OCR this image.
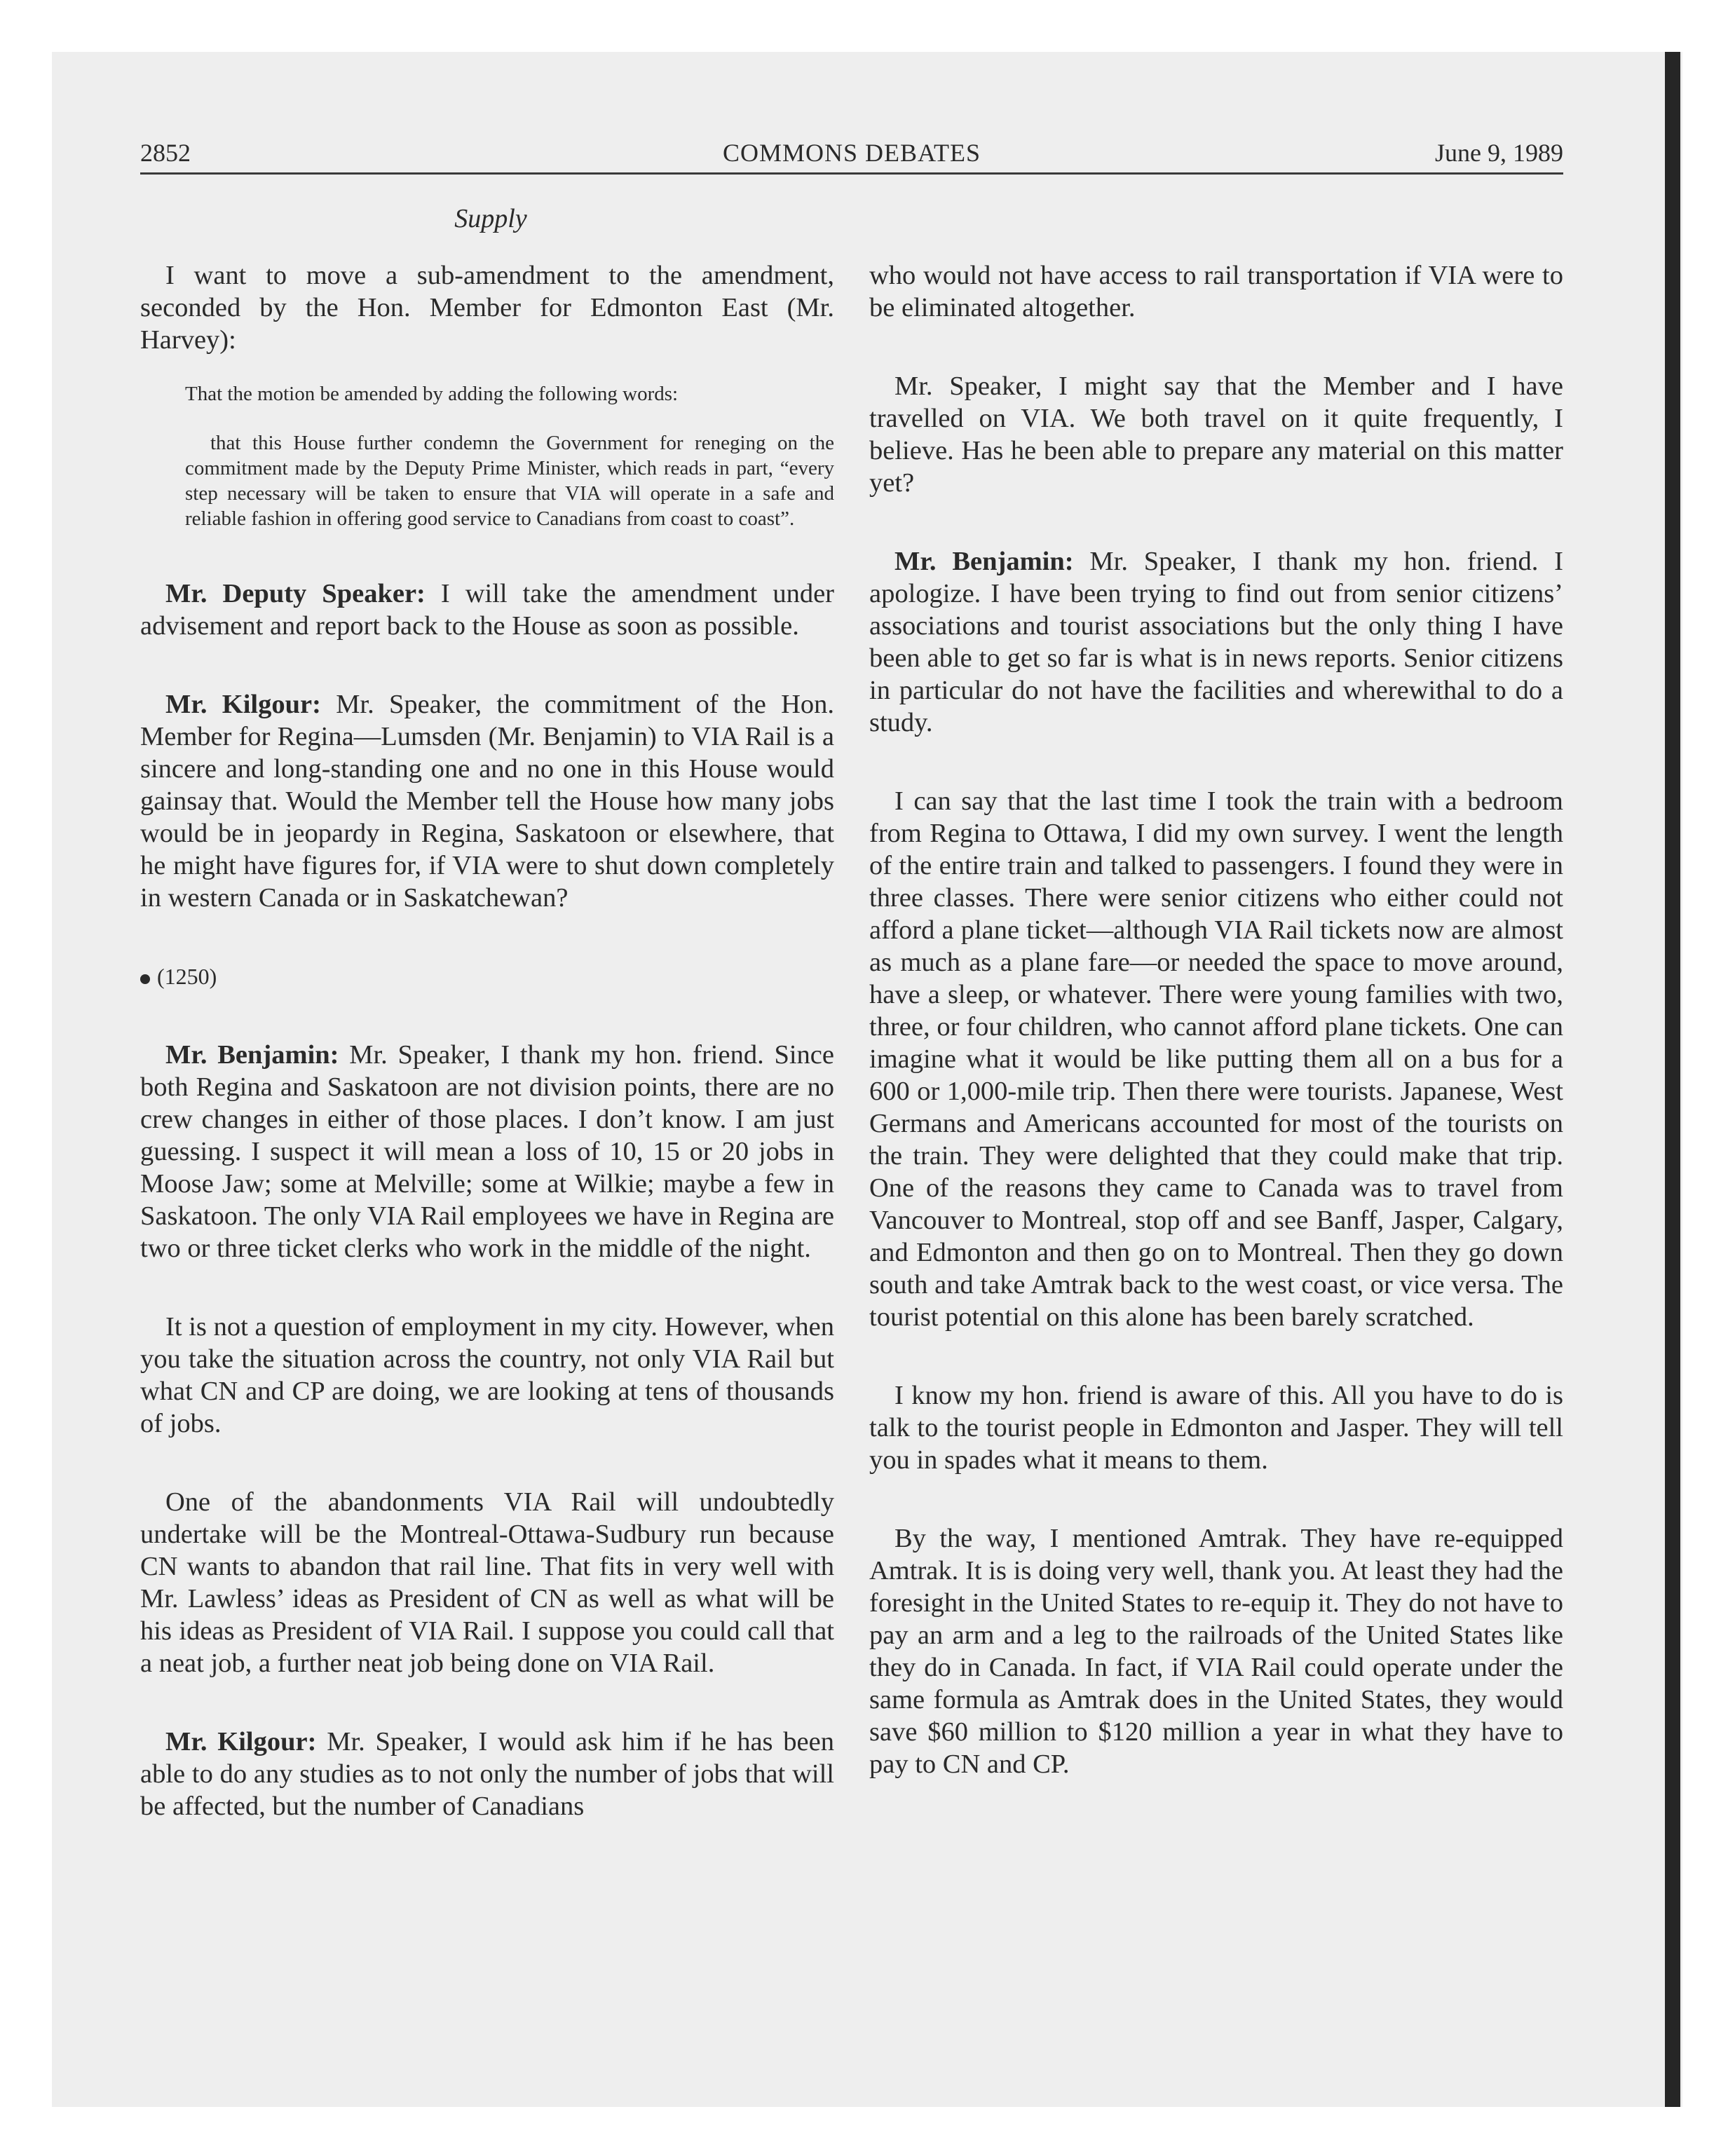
2852	COMMONS DEBATES	June 9, 1989
Supply

I want to move a sub-amendment to the amendment, seconded by the Hon. Member for Edmonton East (Mr. Harvey):

That the motion be amended by adding the following words:

that this House further condemn the Government for reneging on the commitment made by the Deputy Prime Minister, which reads in part, “every step necessary will be taken to ensure that VIA will operate in a safe and reliable fashion in offering good service to Canadians from coast to coast”.

Mr. Deputy Speaker: I will take the amendment under advisement and report back to the House as soon as possible.

Mr. Kilgour: Mr. Speaker, the commitment of the Hon. Member for Regina—Lumsden (Mr. Benjamin) to VIA Rail is a sincere and long-standing one and no one in this House would gainsay that. Would the Member tell the House how many jobs would be in jeopardy in Regina, Saskatoon or elsewhere, that he might have figures for, if VIA were to shut down completely in western Canada or in Saskatchewan?

(1250)

Mr. Benjamin: Mr. Speaker, I thank my hon. friend. Since both Regina and Saskatoon are not division points, there are no crew changes in either of those places. I don’t know. I am just guessing. I suspect it will mean a loss of 10, 15 or 20 jobs in Moose Jaw; some at Melville; some at Wilkie; maybe a few in Saskatoon. The only VIA Rail employees we have in Regina are two or three ticket clerks who work in the middle of the night.

It is not a question of employment in my city. However, when you take the situation across the country, not only VIA Rail but what CN and CP are doing, we are looking at tens of thousands of jobs.

One of the abandonments VIA Rail will undoubtedly undertake will be the Montreal-Ottawa-Sudbury run because CN wants to abandon that rail line. That fits in very well with Mr. Lawless’ ideas as President of CN as well as what will be his ideas as President of VIA Rail. I suppose you could call that a neat job, a further neat job being done on VIA Rail.

Mr. Kilgour: Mr. Speaker, I would ask him if he has been able to do any studies as to not only the number of jobs that will be affected, but the number of Canadians

who would not have access to rail transportation if VIA were to be eliminated altogether.

Mr. Speaker, I might say that the Member and I have travelled on VIA. We both travel on it quite frequently, I believe. Has he been able to prepare any material on this matter yet?

Mr. Benjamin: Mr. Speaker, I thank my hon. friend. I apologize. I have been trying to find out from senior citizens’ associations and tourist associations but the only thing I have been able to get so far is what is in news reports. Senior citizens in particular do not have the facilities and wherewithal to do a study.

I can say that the last time I took the train with a bedroom from Regina to Ottawa, I did my own survey. I went the length of the entire train and talked to passengers. I found they were in three classes. There were senior citizens who either could not afford a plane ticket—although VIA Rail tickets now are almost as much as a plane fare—or needed the space to move around, have a sleep, or whatever. There were young families with two, three, or four children, who cannot afford plane tickets. One can imagine what it would be like putting them all on a bus for a 600 or 1,000-mile trip. Then there were tourists. Japanese, West Germans and Americans accounted for most of the tourists on the train. They were delighted that they could make that trip. One of the reasons they came to Canada was to travel from Vancouver to Montreal, stop off and see Banff, Jasper, Calgary, and Edmonton and then go on to Montreal. Then they go down south and take Amtrak back to the west coast, or vice versa. The tourist potential on this alone has been barely scratched.

I know my hon. friend is aware of this. All you have to do is talk to the tourist people in Edmonton and Jasper. They will tell you in spades what it means to them.

By the way, I mentioned Amtrak. They have re-equipped Amtrak. It is is doing very well, thank you. At least they had the foresight in the United States to re-equip it. They do not have to pay an arm and a leg to the railroads of the United States like they do in Canada. In fact, if VIA Rail could operate under the same formula as Amtrak does in the United States, they would save $60 million to $120 million a year in what they have to pay to CN and CP.
